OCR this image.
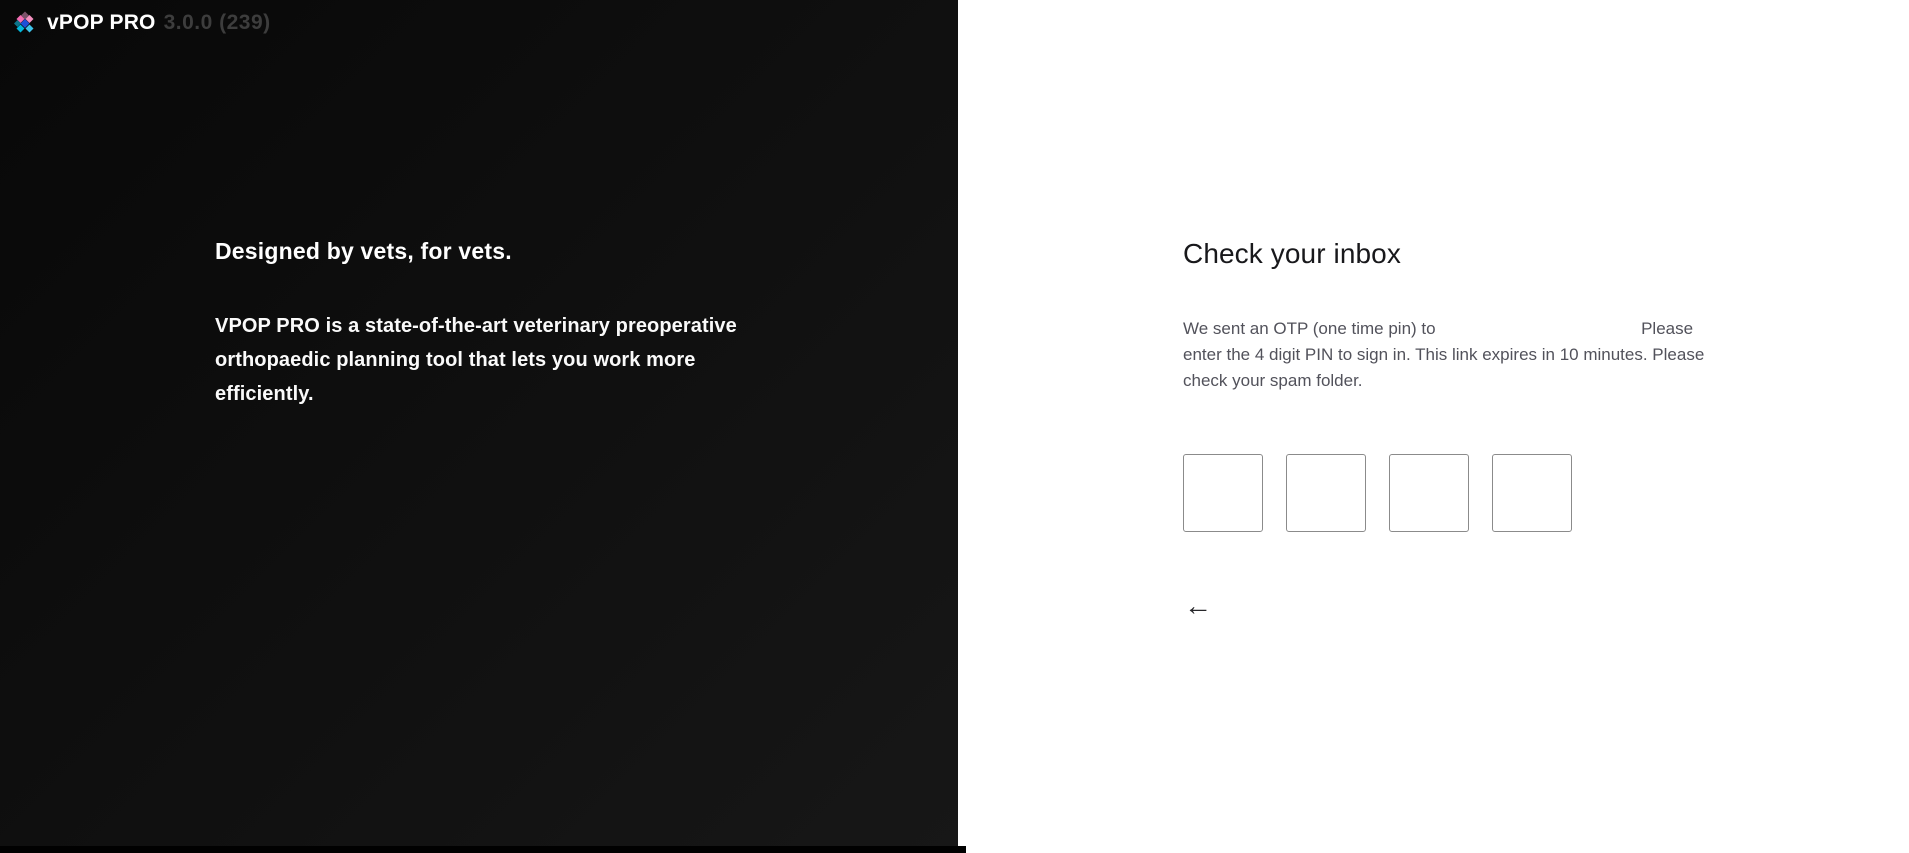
vPOP PRO 3.0.0 (239)
Designed by vets, for vets.

VPOP PRO is a state-of-the-art veterinary preoperative orthopaedic planning tool that lets you work more efficiently.

Check your inbox

We sent an OTP (one time pin) to	Please enter the 4 digit PIN to sign in. This link expires in 10 minutes. Please check your spam folder.

←
